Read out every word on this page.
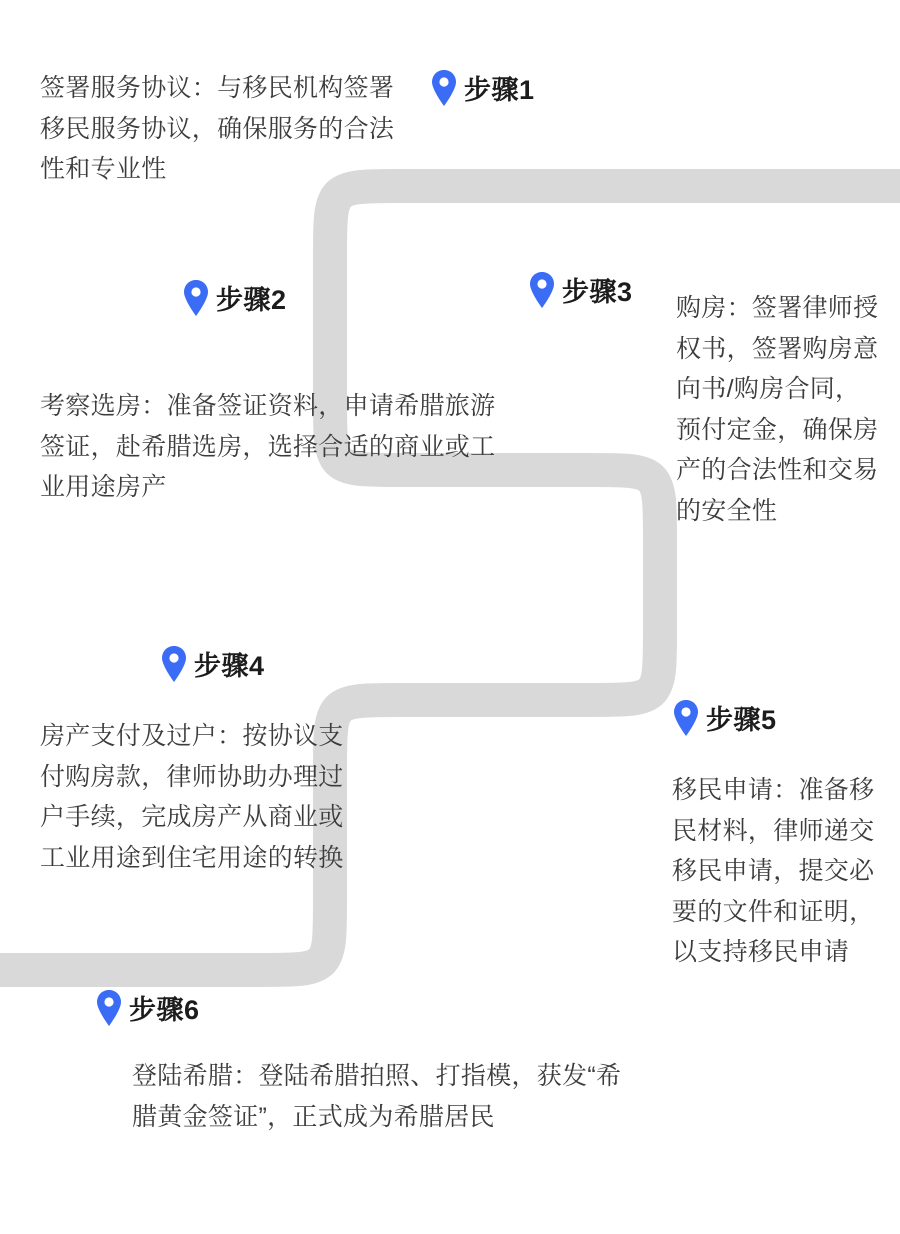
步骤1
签署服务协议：与移民机构签署移民服务协议，确保服务的合法性和专业性
步骤2
考察选房：准备签证资料，申请希腊旅游签证，赴希腊选房，选择合适的商业或工业用途房产
步骤3
购房：签署律师授权书，签署购房意向书/购房合同，预付定金，确保房产的合法性和交易的安全性
步骤4
房产支付及过户：按协议支付购房款，律师协助办理过户手续，完成房产从商业或工业用途到住宅用途的转换
步骤5
移民申请：准备移民材料，律师递交移民申请，提交必要的文件和证明，以支持移民申请
步骤6
登陆希腊：登陆希腊拍照、打指模，获发“希腊黄金签证”，正式成为希腊居民
